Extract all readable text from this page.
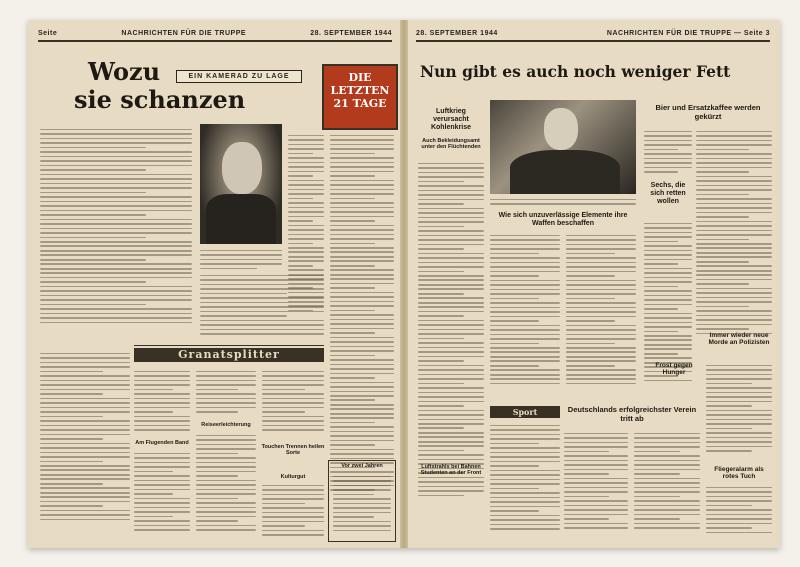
Seite	NACHRICHTEN FÜR DIE TRUPPE	28. SEPTEMBER 1944
Wozu
sie schanzen
EIN KAMERAD ZU LAGE	DIE
LETZTEN
21 TAGE
Granatsplitter
Am Flugenden Band
Reiseerleichterung
Touchen Trennen heilen Sorte
Kulturgut
Vor zwei Jahren
28. SEPTEMBER 1944	NACHRICHTEN FÜR DIE TRUPPE — Seite 3
Nun gibt es auch noch weniger Fett
Luftkrieg verursacht Kohlenkrise
Auch Bekleidungsamt unter den Flüchtenden
Wie sich unzuverlässige Elemente ihre Waffen beschaffen
Bier und Ersatzkaffee werden gekürzt
Sechs, die sich retten wollen
Frost gegen Hunger
Immer wieder neue Morde an Polizisten
Fliegeralarm als rotes Tuch
Sport	Deutschlands erfolgreichster Verein tritt ab
Luftstrahls bei Bahnen Studenten an der Front
